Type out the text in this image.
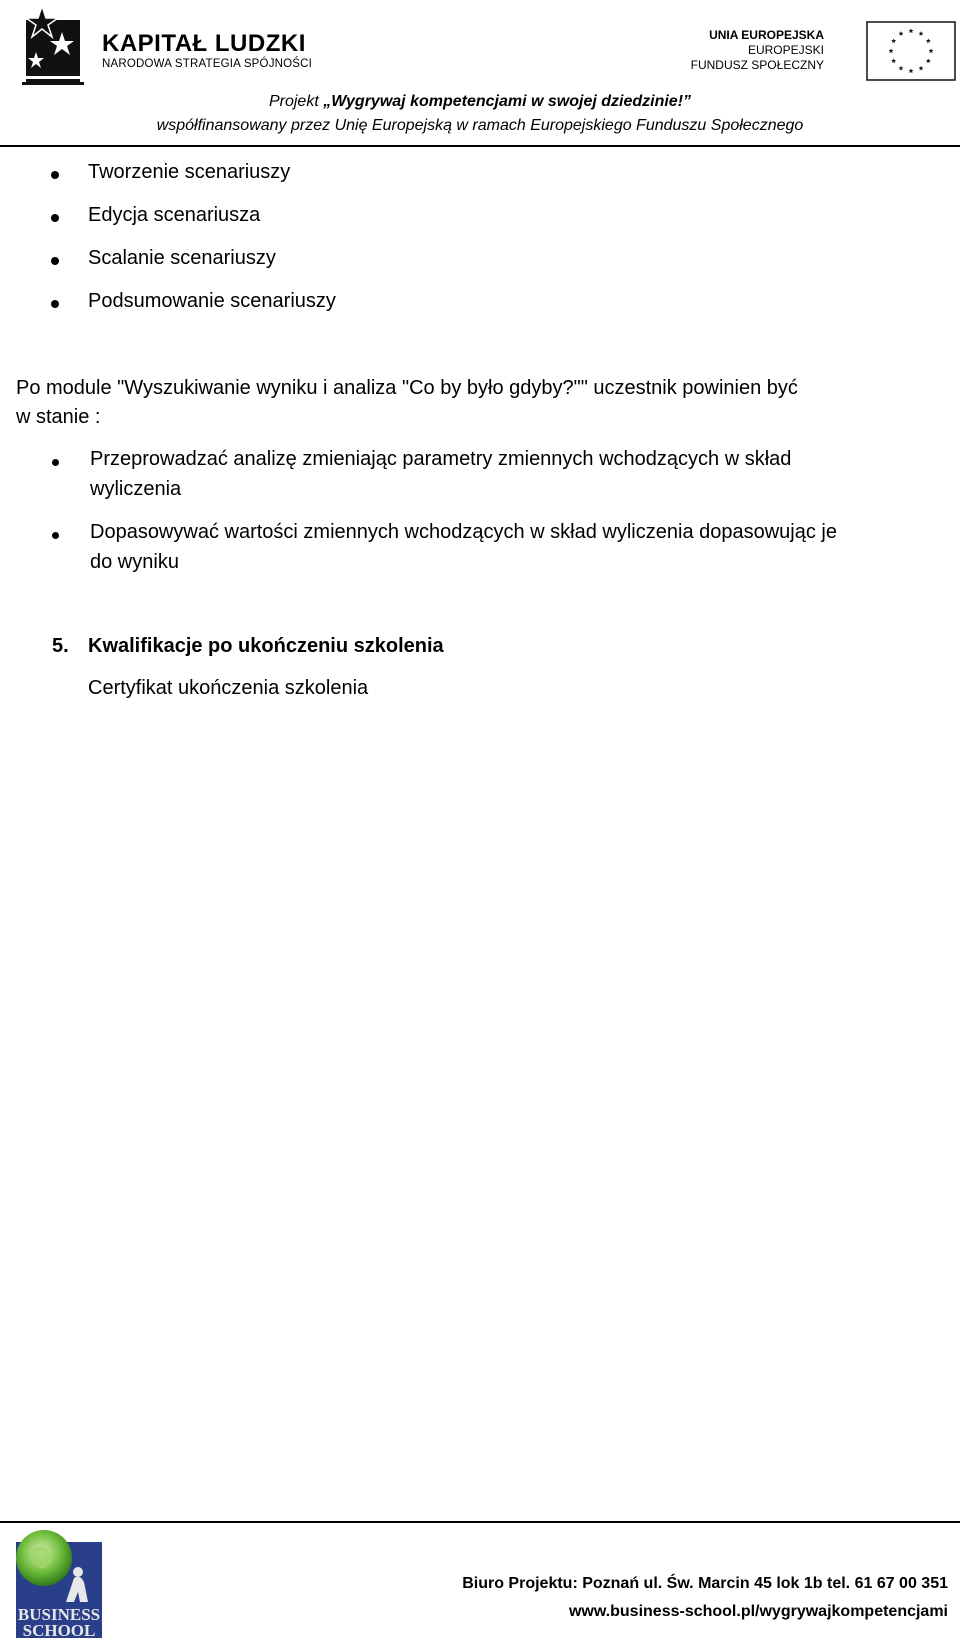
KAPITAŁ LUDZKI
NARODOWA STRATEGIA SPÓJNOŚCI
UNIA EUROPEJSKA
EUROPEJSKI
FUNDUSZ SPOŁECZNY
Projekt „Wygrywaj kompetencjami w swojej dziedzinie!”
współfinansowany przez Unię Europejską w ramach Europejskiego Funduszu Społecznego
Tworzenie scenariuszy
Edycja scenariusza
Scalanie scenariuszy
Podsumowanie scenariuszy
Po module "Wyszukiwanie wyniku i analiza "Co by było gdyby?"" uczestnik powinien być
w stanie :
Przeprowadzać analizę zmieniając parametry zmiennych wchodzących w skład
wyliczenia
Dopasowywać wartości zmiennych wchodzących w skład wyliczenia dopasowując je
do wyniku
5. Kwalifikacje po ukończeniu szkolenia
Certyfikat ukończenia szkolenia
BUSINESS
SCHOOL
Biuro Projektu: Poznań ul. Św. Marcin 45 lok 1b tel. 61 67 00 351
www.business-school.pl/wygrywajkompetencjami
